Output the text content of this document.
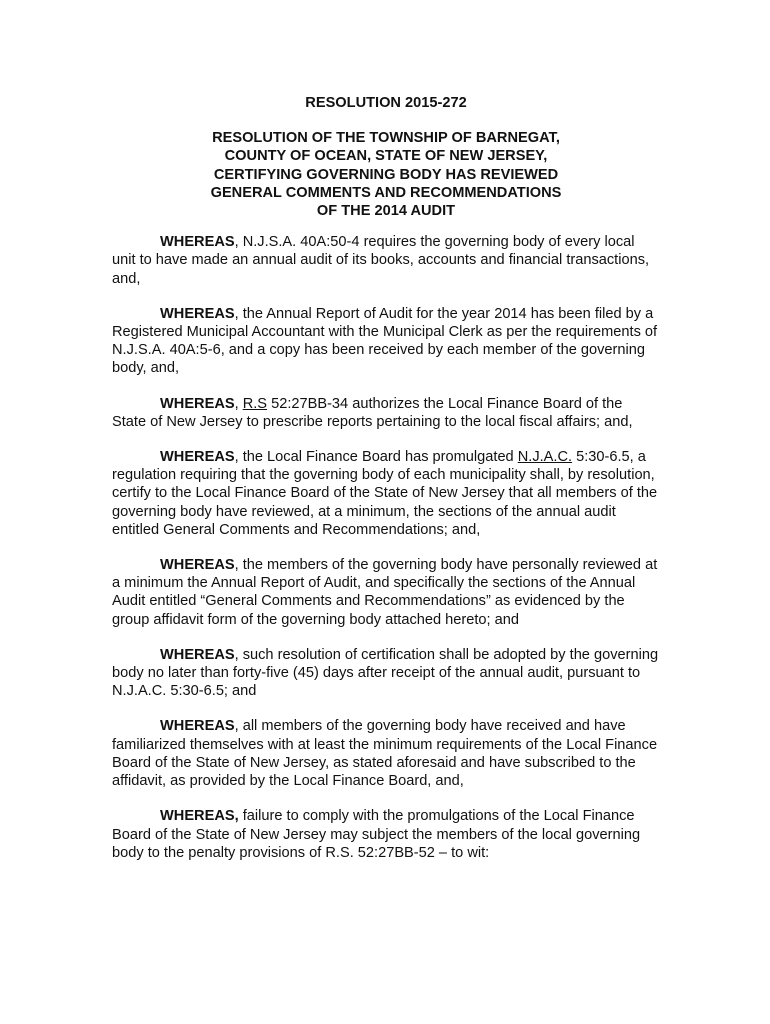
RESOLUTION 2015-272
RESOLUTION OF THE TOWNSHIP OF BARNEGAT,
COUNTY OF OCEAN, STATE OF NEW JERSEY,
CERTIFYING GOVERNING BODY HAS REVIEWED
GENERAL COMMENTS AND RECOMMENDATIONS
OF THE 2014 AUDIT

WHEREAS, N.J.S.A. 40A:50-4 requires the governing body of every local unit to have made an annual audit of its books, accounts and financial transactions, and,

WHEREAS, the Annual Report of Audit for the year 2014 has been filed by a Registered Municipal Accountant with the Municipal Clerk as per the requirements of N.J.S.A. 40A:5-6, and a copy has been received by each member of the governing body, and,

WHEREAS, R.S 52:27BB-34 authorizes the Local Finance Board of the State of New Jersey to prescribe reports pertaining to the local fiscal affairs; and,

WHEREAS, the Local Finance Board has promulgated N.J.A.C. 5:30-6.5, a regulation requiring that the governing body of each municipality shall, by resolution, certify to the Local Finance Board of the State of New Jersey that all members of the governing body have reviewed, at a minimum, the sections of the annual audit entitled General Comments and Recommendations; and,

WHEREAS, the members of the governing body have personally reviewed at a minimum the Annual Report of Audit, and specifically the sections of the Annual Audit entitled “General Comments and Recommendations” as evidenced by the group affidavit form of the governing body attached hereto; and

WHEREAS, such resolution of certification shall be adopted by the governing body no later than forty-five (45) days after receipt of the annual audit, pursuant to N.J.A.C. 5:30-6.5; and

WHEREAS, all members of the governing body have received and have familiarized themselves with at least the minimum requirements of the Local Finance Board of the State of New Jersey, as stated aforesaid and have subscribed to the affidavit, as provided by the Local Finance Board, and,

WHEREAS, failure to comply with the promulgations of the Local Finance Board of the State of New Jersey may subject the members of the local governing body to the penalty provisions of R.S. 52:27BB-52 – to wit:
